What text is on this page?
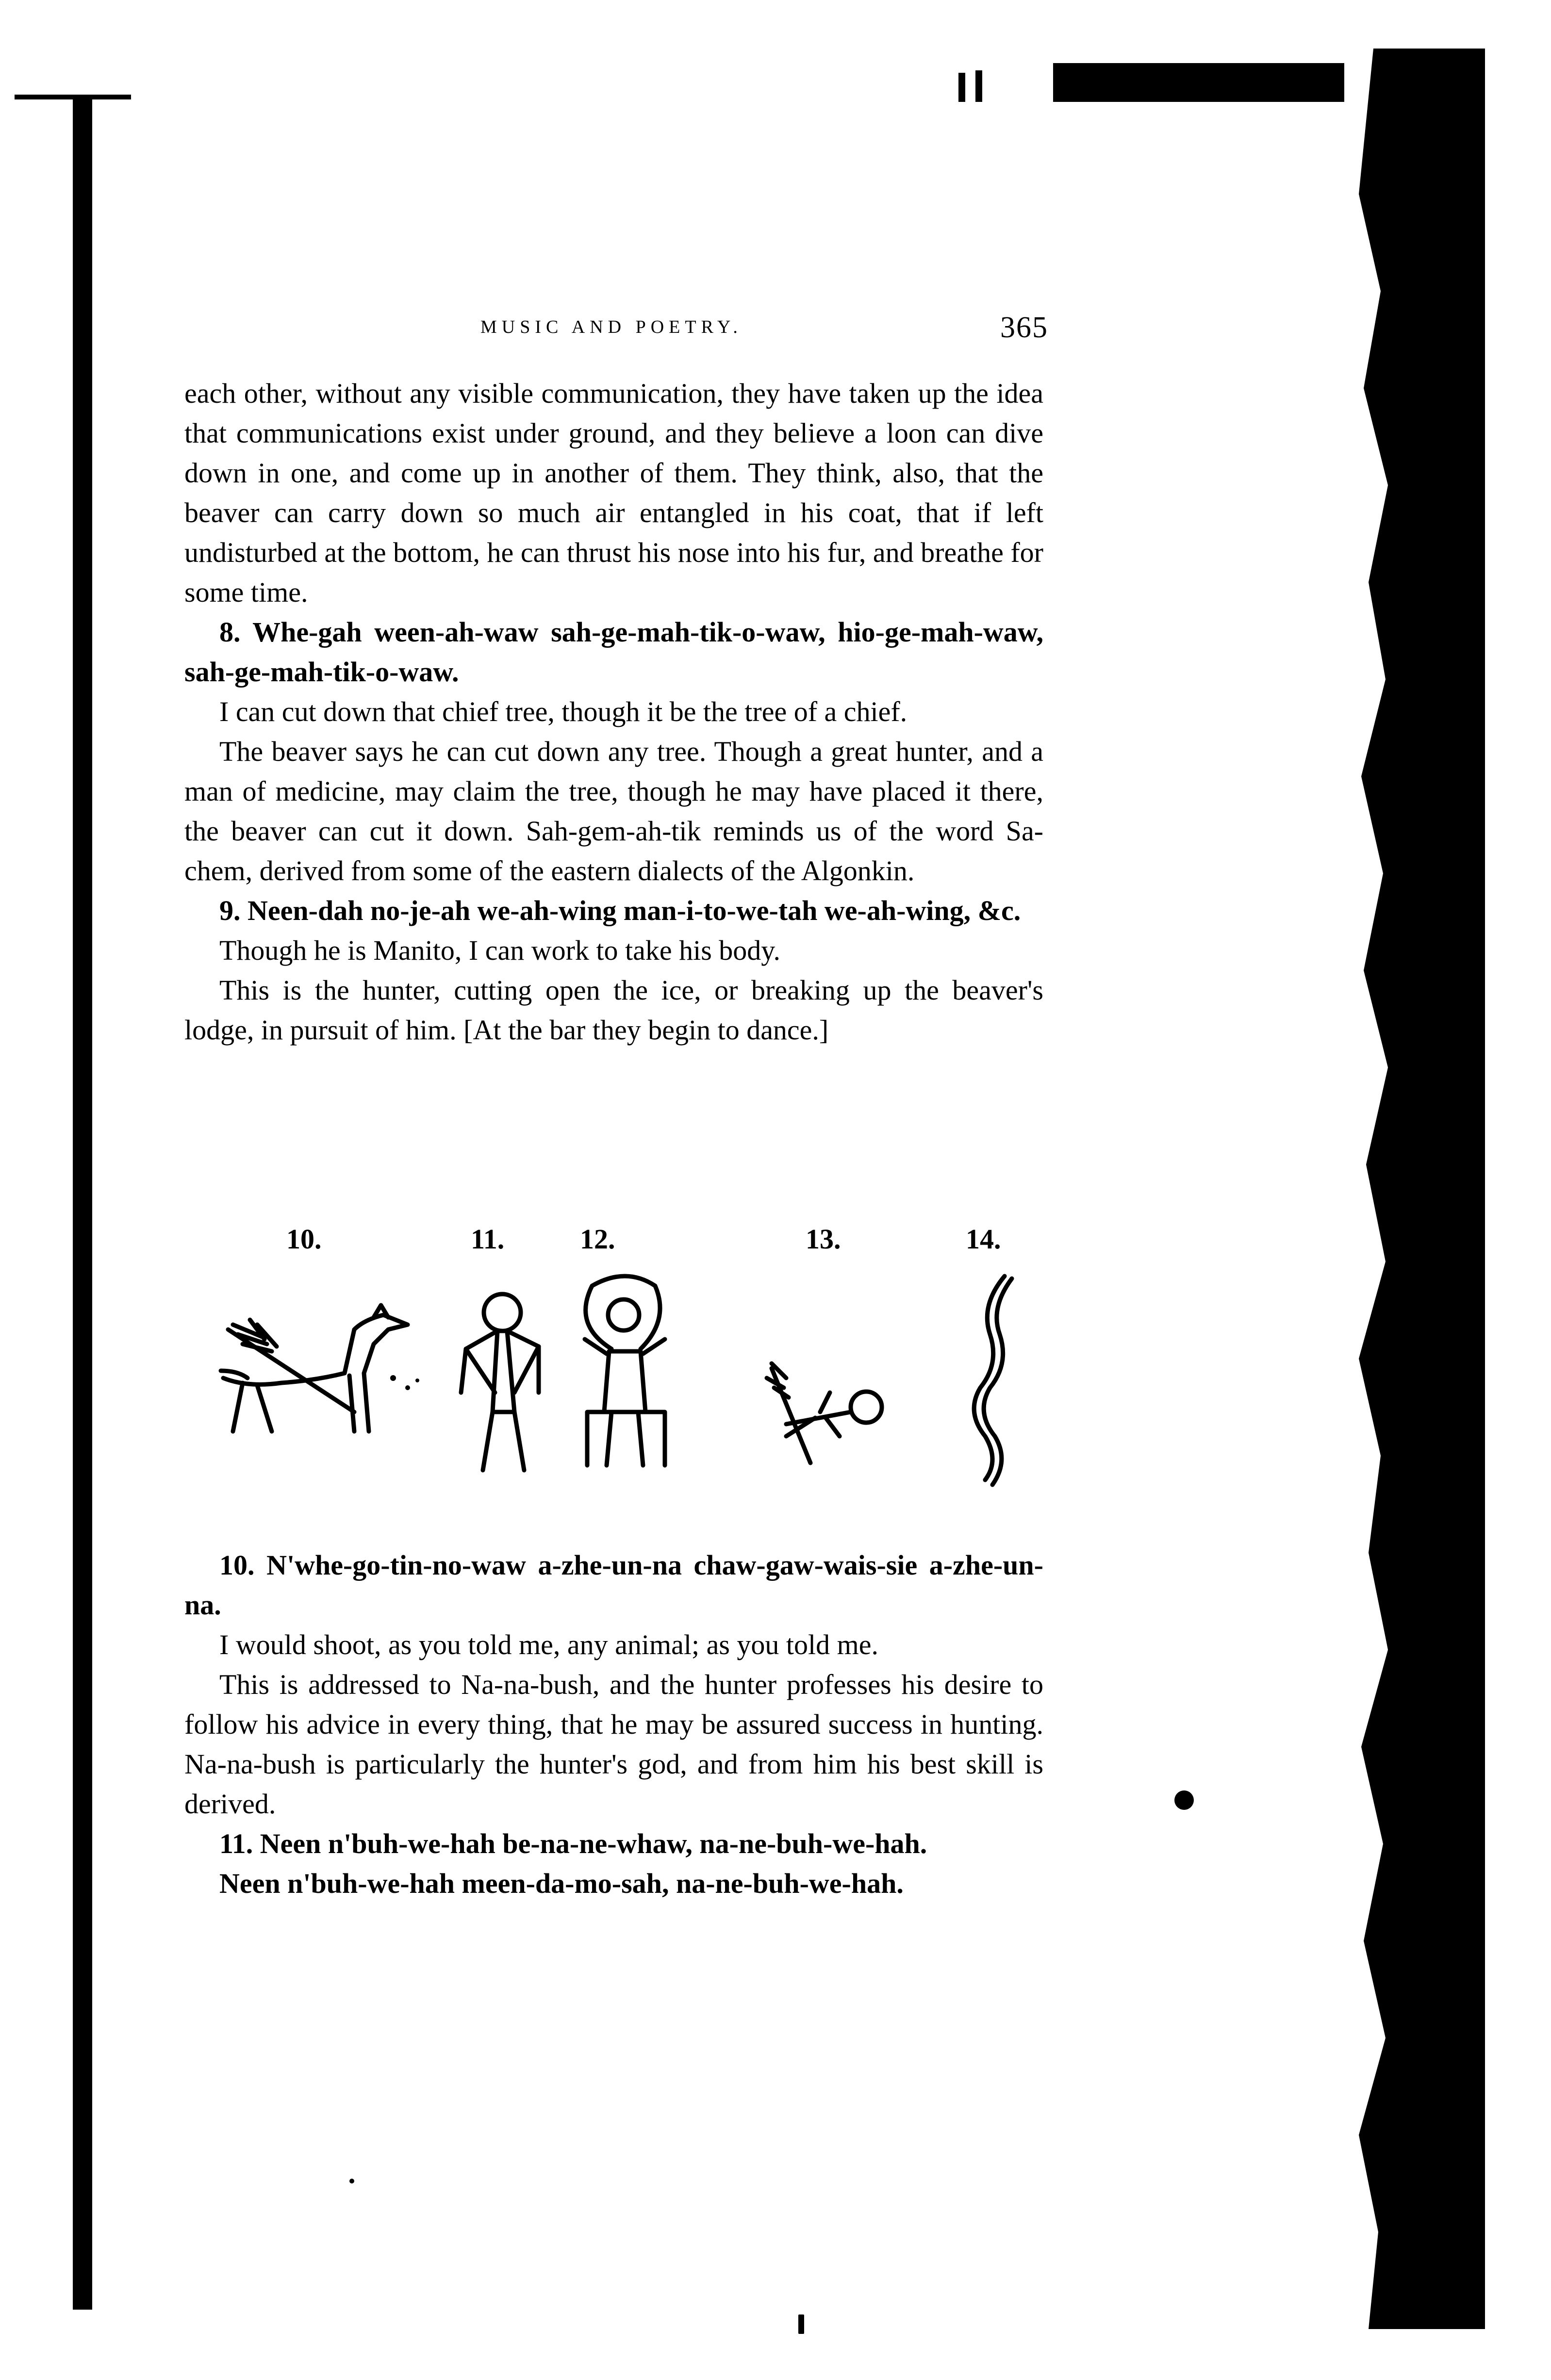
MUSIC AND POETRY.	365

each other, without any visible communication, they have taken up the idea that communications exist under ground, and they believe a loon can dive down in one, and come up in another of them. They think, also, that the beaver can carry down so much air entangled in his coat, that if left undisturbed at the bottom, he can thrust his nose into his fur, and breathe for some time.

8. Whe-gah ween-ah-waw sah-ge-mah-tik-o-waw, hio-ge-mah-waw, sah-ge-mah-tik-o-waw.

I can cut down that chief tree, though it be the tree of a chief.

The beaver says he can cut down any tree. Though a great hunter, and a man of medicine, may claim the tree, though he may have placed it there, the beaver can cut it down. Sah-gem-ah-tik reminds us of the word Sa-chem, derived from some of the eastern dialects of the Algonkin.

9. Neen-dah no-je-ah we-ah-wing man-i-to-we-tah we-ah-wing, &c.

Though he is Manito, I can work to take his body.

This is the hunter, cutting open the ice, or breaking up the beaver's lodge, in pursuit of him. [At the bar they begin to dance.]

10.	11.	12.	13.	14.

10. N'whe-go-tin-no-waw a-zhe-un-na chaw-gaw-wais-sie a-zhe-un-na.

I would shoot, as you told me, any animal; as you told me.

This is addressed to Na-na-bush, and the hunter professes his desire to follow his advice in every thing, that he may be assured success in hunting. Na-na-bush is particularly the hunter's god, and from him his best skill is derived.

11. Neen n'buh-we-hah be-na-ne-whaw, na-ne-buh-we-hah.

Neen n'buh-we-hah meen-da-mo-sah, na-ne-buh-we-hah.
